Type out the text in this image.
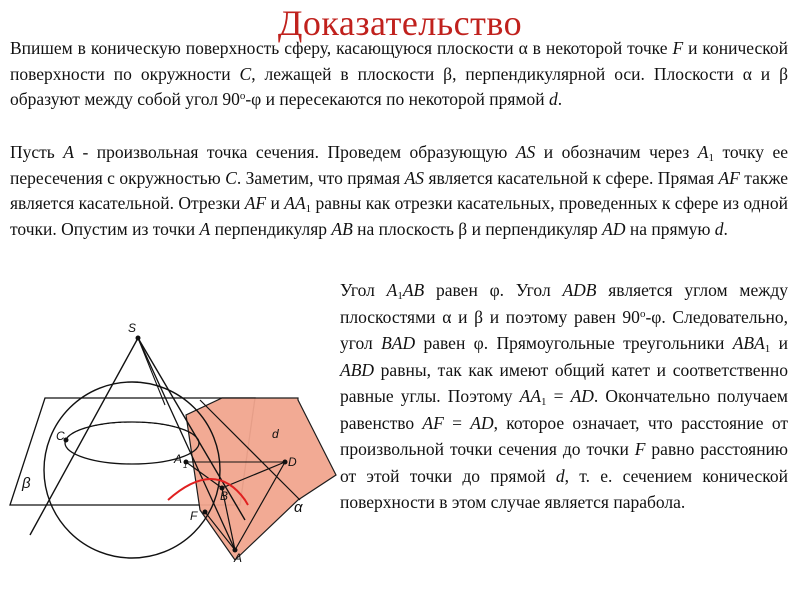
Доказательство
Впишем в коническую поверхность сферу, касающуюся плоскости α в некоторой точке F и конической поверхности по окружности C, лежащей в плоскости β, перпендикулярной оси. Плоскости α и β образуют между собой угол 90$^o$-φ и пересекаются по некоторой прямой d.
Пусть A - произвольная точка сечения. Проведем образующую AS и обозначим через $A_1$ точку ее пересечения с окружностью C. Заметим, что прямая AS является касательной к сфере. Прямая AF также является касательной. Отрезки AF и $AA_1$ равны как отрезки касательных, проведенных к сфере из одной точки. Опустим из точки A перпендикуляр AB на плоскость β и перпендикуляр AD на прямую d.
Угол $A_1AB$ равен φ. Угол ADB является углом между плоскостями α и β и поэтому равен 90$^o$-φ. Следовательно, угол BAD равен φ. Прямоугольные треугольники $ABA_1$ и ABD равны, так как имеют общий катет и соответственно равные углы. Поэтому $AA_1$ = AD. Окончательно получаем равенство AF = AD, которое означает, что расстояние от произвольной точки сечения до точки F равно расстоянию от этой точки до прямой d, т. е. сечением конической поверхности в этом случае является парабола.
S
C
A 1
B
F
A
D
d
α
β
